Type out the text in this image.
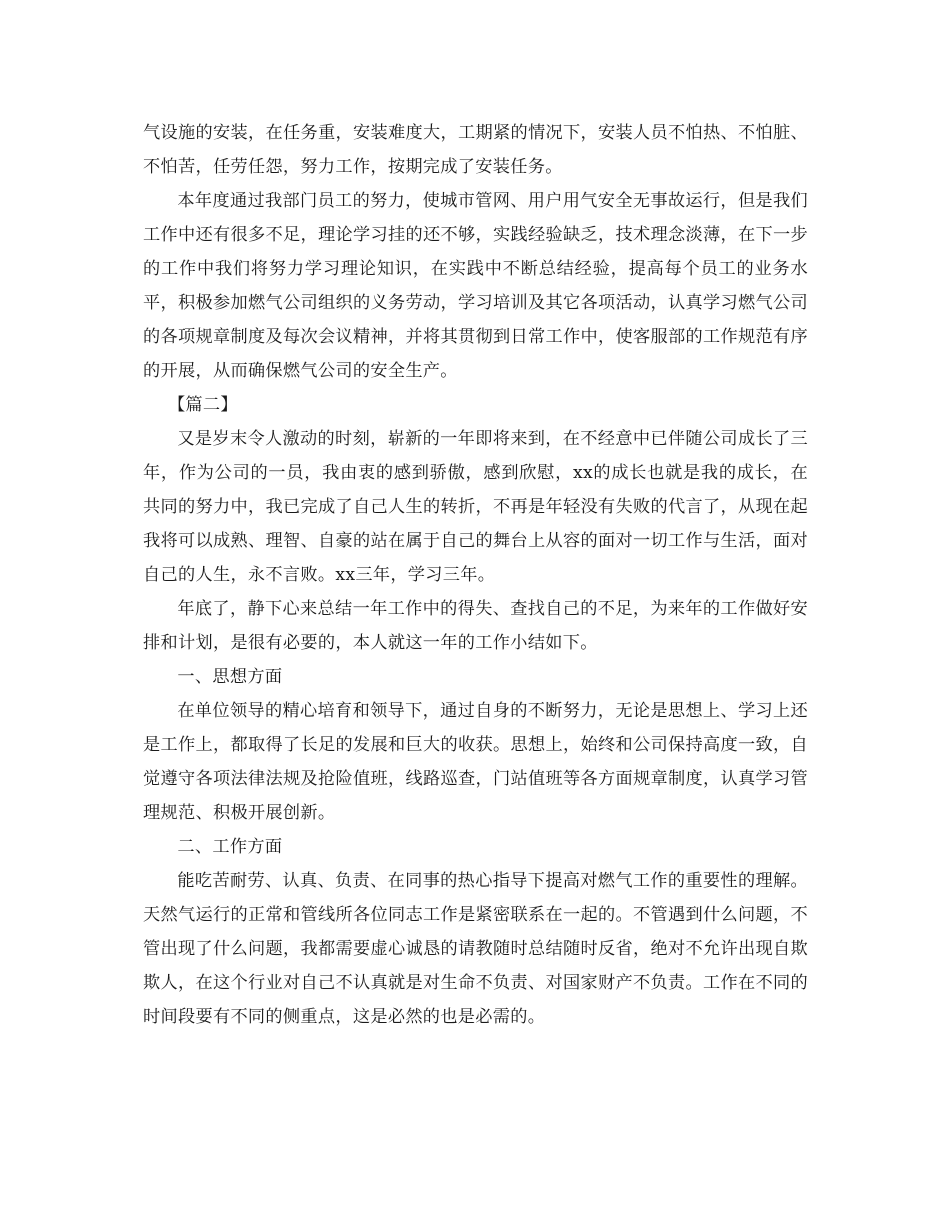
气设施的安装，在任务重，安装难度大，工期紧的情况下，安装人员不怕热、不怕脏、不怕苦，任劳任怨，努力工作，按期完成了安装任务。

本年度通过我部门员工的努力，使城市管网、用户用气安全无事故运行，但是我们工作中还有很多不足，理论学习挂的还不够，实践经验缺乏，技术理念淡薄，在下一步的工作中我们将努力学习理论知识，在实践中不断总结经验，提高每个员工的业务水平，积极参加燃气公司组织的义务劳动，学习培训及其它各项活动，认真学习燃气公司的各项规章制度及每次会议精神，并将其贯彻到日常工作中，使客服部的工作规范有序的开展，从而确保燃气公司的安全生产。

【篇二】

又是岁末令人激动的时刻，崭新的一年即将来到，在不经意中已伴随公司成长了三年，作为公司的一员，我由衷的感到骄傲，感到欣慰，xx的成长也就是我的成长，在共同的努力中，我已完成了自己人生的转折，不再是年轻没有失败的代言了，从现在起我将可以成熟、理智、自豪的站在属于自己的舞台上从容的面对一切工作与生活，面对自己的人生，永不言败。xx三年，学习三年。

年底了，静下心来总结一年工作中的得失、查找自己的不足，为来年的工作做好安排和计划，是很有必要的，本人就这一年的工作小结如下。

一、思想方面

在单位领导的精心培育和领导下，通过自身的不断努力，无论是思想上、学习上还是工作上，都取得了长足的发展和巨大的收获。思想上，始终和公司保持高度一致，自觉遵守各项法律法规及抢险值班，线路巡查，门站值班等各方面规章制度，认真学习管理规范、积极开展创新。

二、工作方面

能吃苦耐劳、认真、负责、在同事的热心指导下提高对燃气工作的重要性的理解。天然气运行的正常和管线所各位同志工作是紧密联系在一起的。不管遇到什么问题，不管出现了什么问题，我都需要虚心诚恳的请教随时总结随时反省，绝对不允许出现自欺欺人，在这个行业对自己不认真就是对生命不负责、对国家财产不负责。工作在不同的时间段要有不同的侧重点，这是必然的也是必需的。
